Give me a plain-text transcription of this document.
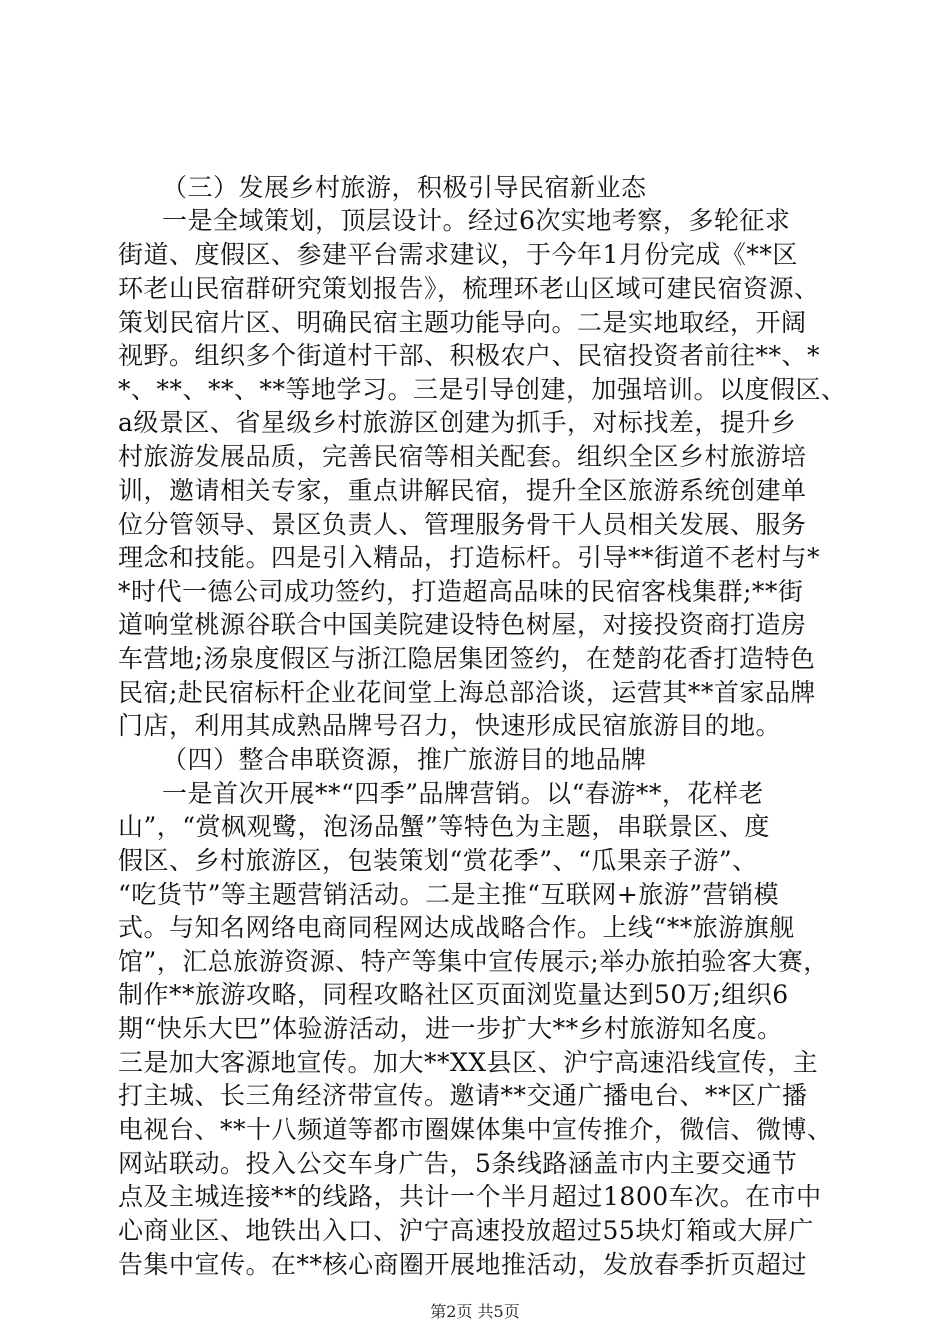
（三）发展乡村旅游，积极引导民宿新业态
一是全域策划，顶层设计。经过6次实地考察，多轮征求
街道、度假区、参建平台需求建议，于今年1月份完成《**区
环老山民宿群研究策划报告》，梳理环老山区域可建民宿资源、
策划民宿片区、明确民宿主题功能导向。二是实地取经，开阔
视野。组织多个街道村干部、积极农户、民宿投资者前往**、*
*、**、**、**等地学习。三是引导创建，加强培训。以度假区、
a级景区、省星级乡村旅游区创建为抓手，对标找差，提升乡
村旅游发展品质，完善民宿等相关配套。组织全区乡村旅游培
训，邀请相关专家，重点讲解民宿，提升全区旅游系统创建单
位分管领导、景区负责人、管理服务骨干人员相关发展、服务
理念和技能。四是引入精品，打造标杆。引导**街道不老村与*
*时代一德公司成功签约，打造超高品味的民宿客栈集群;**街
道响堂桃源谷联合中国美院建设特色树屋，对接投资商打造房
车营地;汤泉度假区与浙江隐居集团签约，在楚韵花香打造特色
民宿;赴民宿标杆企业花间堂上海总部洽谈，运营其**首家品牌
门店，利用其成熟品牌号召力，快速形成民宿旅游目的地。
（四）整合串联资源，推广旅游目的地品牌
一是首次开展**“四季”品牌营销。以“春游**，花样老
山”，“赏枫观鹭，泡汤品蟹”等特色为主题，串联景区、度
假区、乡村旅游区，包装策划“赏花季”、“瓜果亲子游”、
“吃货节”等主题营销活动。二是主推“互联网+旅游”营销模
式。与知名网络电商同程网达成战略合作。上线“**旅游旗舰
馆”，汇总旅游资源、特产等集中宣传展示;举办旅拍验客大赛，
制作**旅游攻略，同程攻略社区页面浏览量达到50万;组织6
期“快乐大巴”体验游活动，进一步扩大**乡村旅游知名度。
三是加大客源地宣传。加大**XX县区、沪宁高速沿线宣传，主
打主城、长三角经济带宣传。邀请**交通广播电台、**区广播
电视台、**十八频道等都市圈媒体集中宣传推介，微信、微博、
网站联动。投入公交车身广告，5条线路涵盖市内主要交通节
点及主城连接**的线路，共计一个半月超过1800车次。在市中
心商业区、地铁出入口、沪宁高速投放超过55块灯箱或大屏广
告集中宣传。在**核心商圈开展地推活动，发放春季折页超过
第2页 共5页
